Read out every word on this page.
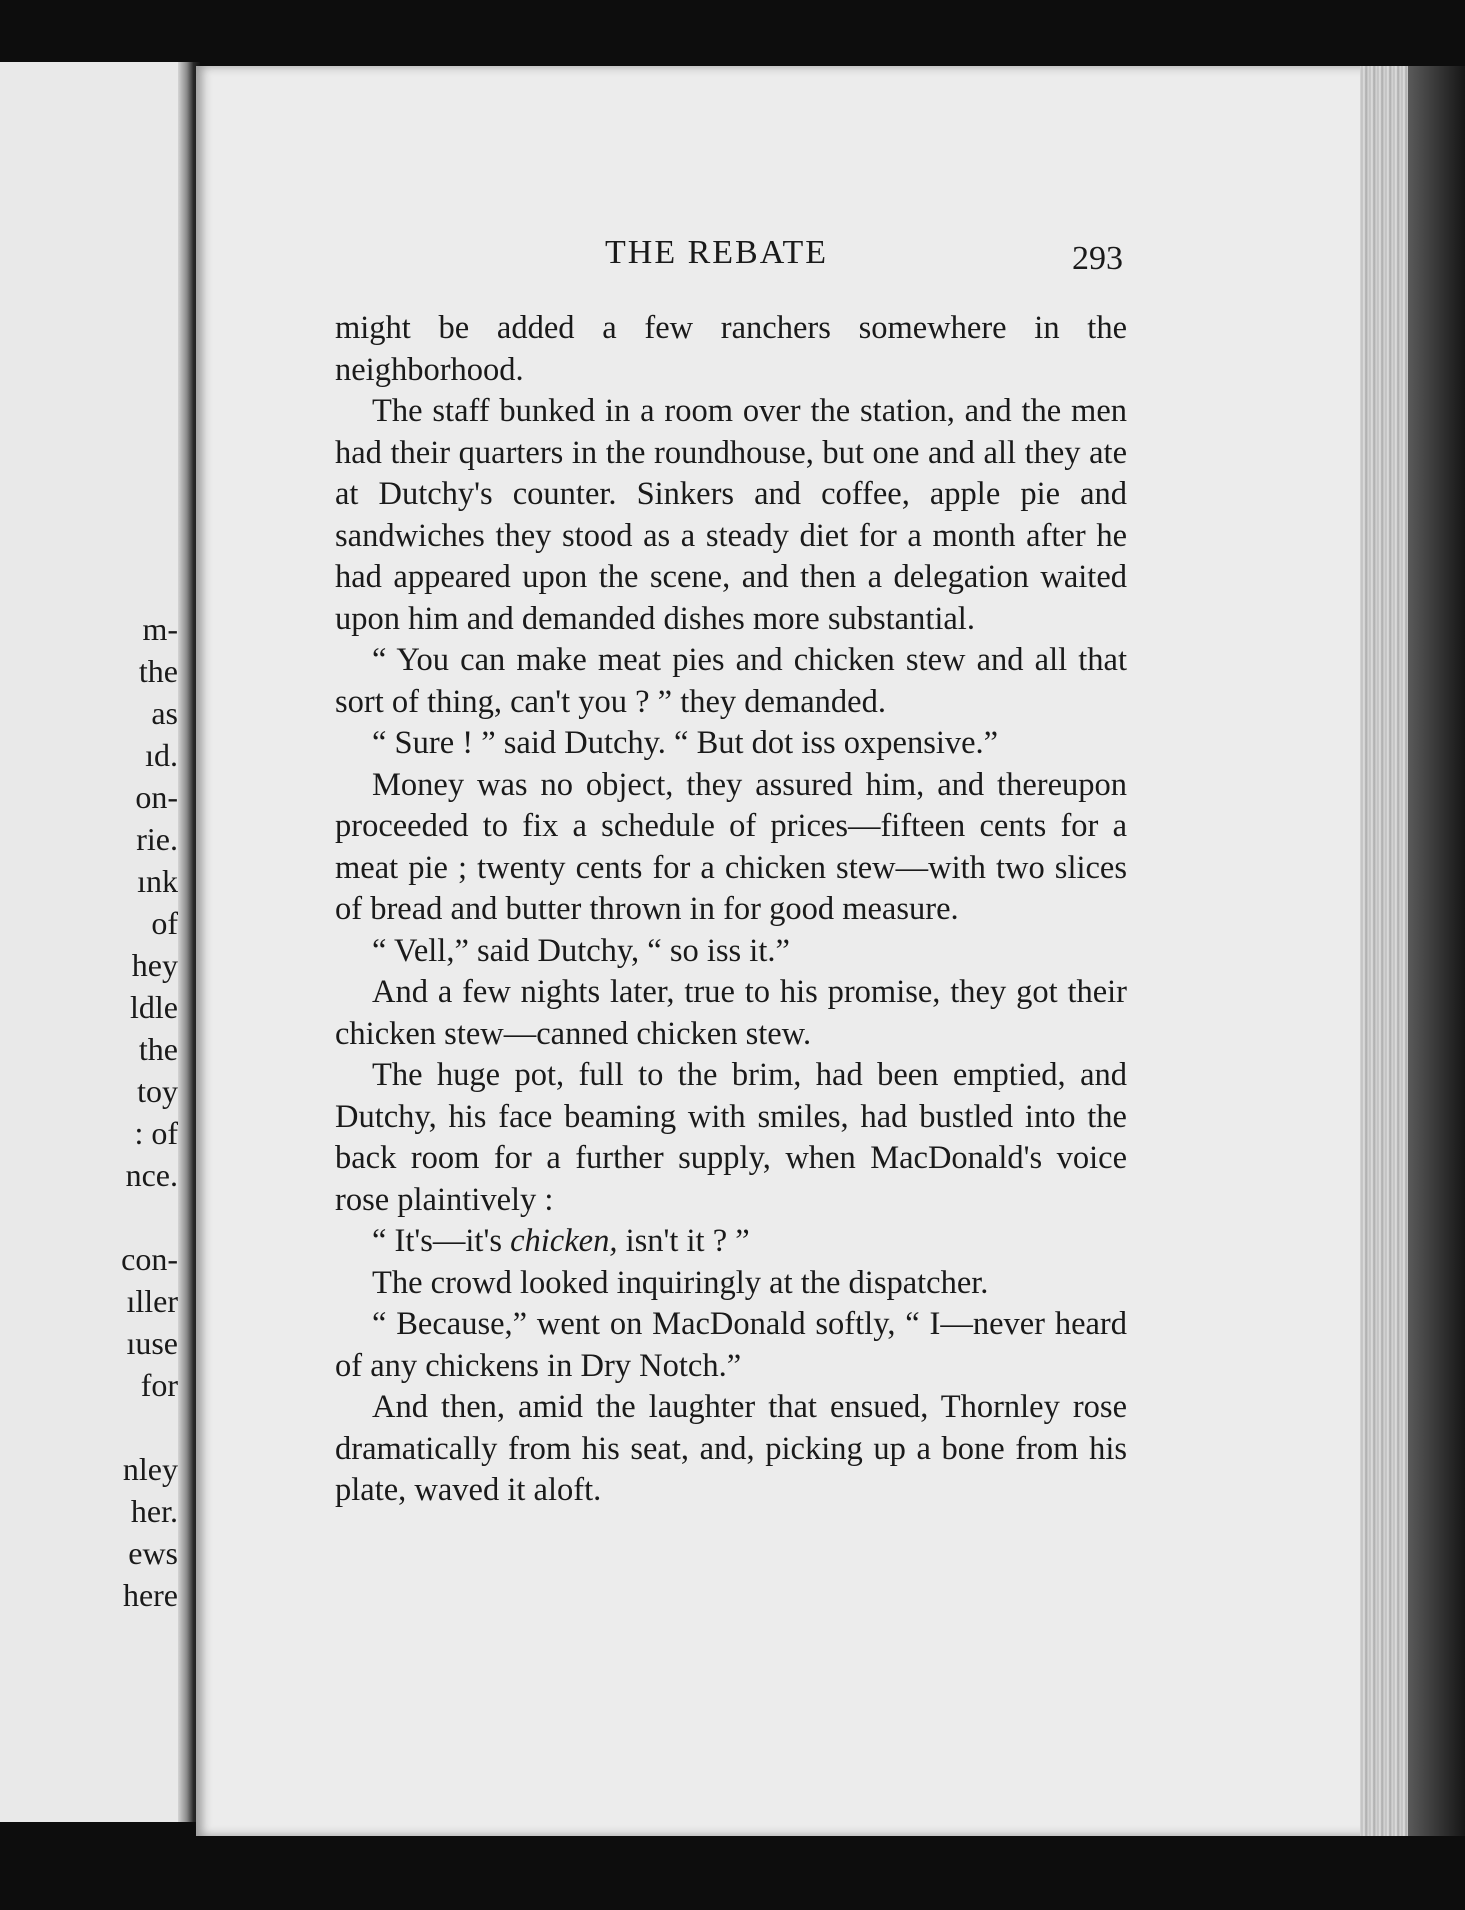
m-
the
as
ıd.
on-
rie.
ınk
of
hey
ldle
the
toy
: of
nce.
con-
ıller
ıuse
for
nley
her.
ews
here
THE REBATE	293

might be added a few ranchers somewhere in the neighborhood.

The staff bunked in a room over the station, and the men had their quarters in the roundhouse, but one and all they ate at Dutchy's counter. Sinkers and coffee, apple pie and sandwiches they stood as a steady diet for a month after he had appeared upon the scene, and then a delegation waited upon him and demanded dishes more substantial.

“ You can make meat pies and chicken stew and all that sort of thing, can't you ? ” they demanded.

“ Sure ! ” said Dutchy. “ But dot iss oxpensive.”

Money was no object, they assured him, and thereupon proceeded to fix a schedule of prices—fifteen cents for a meat pie ; twenty cents for a chicken stew—with two slices of bread and butter thrown in for good measure.

“ Vell,” said Dutchy, “ so iss it.”

And a few nights later, true to his promise, they got their chicken stew—canned chicken stew.

The huge pot, full to the brim, had been emptied, and Dutchy, his face beaming with smiles, had bustled into the back room for a further supply, when MacDonald's voice rose plaintively :

“ It's—it's chicken, isn't it ? ”

The crowd looked inquiringly at the dispatcher.

“ Because,” went on MacDonald softly, “ I—never heard of any chickens in Dry Notch.”

And then, amid the laughter that ensued, Thornley rose dramatically from his seat, and, picking up a bone from his plate, waved it aloft.
